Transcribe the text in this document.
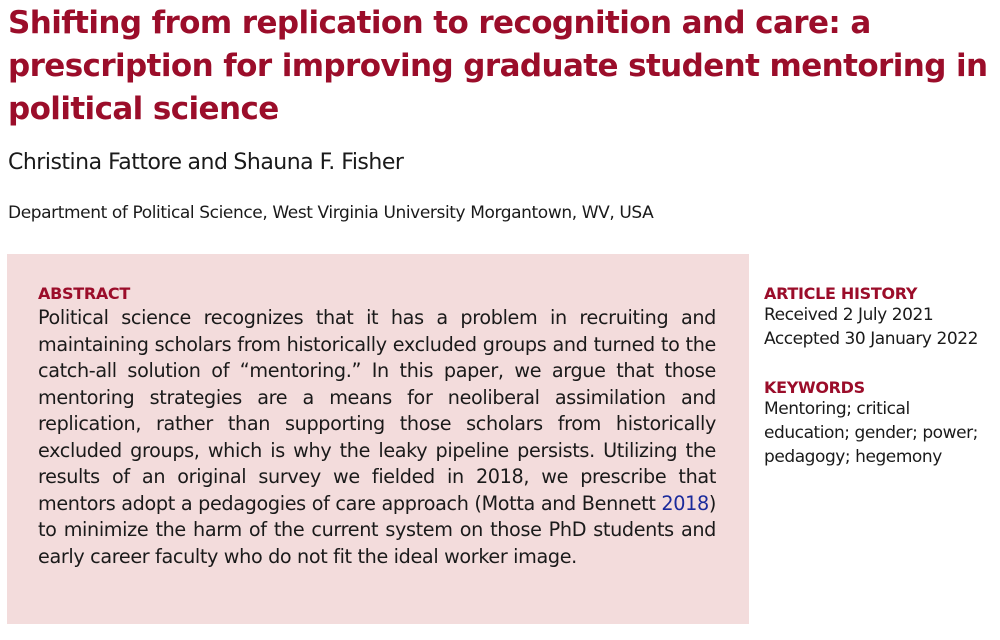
Shifting from replication to recognition and care: a prescription for improving graduate student mentoring in political science

Christina Fattore and Shauna F. Fisher

Department of Political Science, West Virginia University Morgantown, WV, USA

ABSTRACT

Political science recognizes that it has a problem in recruiting and maintaining scholars from historically excluded groups and turned to the catch-all solution of “mentoring.” In this paper, we argue that those mentoring strategies are a means for neoliberal assimilation and replication, rather than supporting those scholars from historically excluded groups, which is why the leaky pipeline persists. Utilizing the results of an original survey we fielded in 2018, we prescribe that mentors adopt a pedagogies of care approach (Motta and Bennett 2018) to minimize the harm of the current system on those PhD students and early career faculty who do not fit the ideal worker image.

ARTICLE HISTORY

Received 2 July 2021

Accepted 30 January 2022

KEYWORDS

Mentoring; critical education; gender; power; pedagogy; hegemony
